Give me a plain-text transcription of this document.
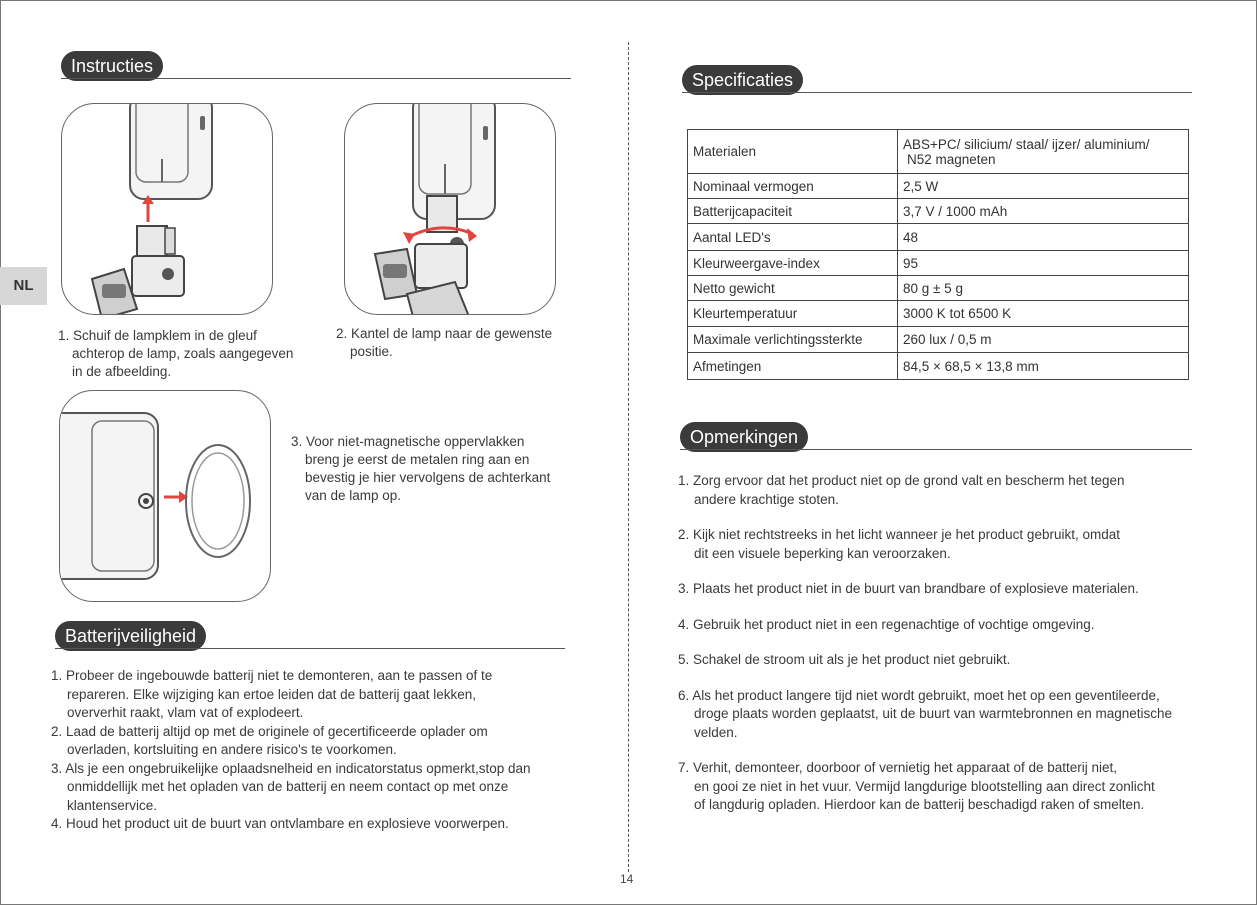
NL
Instructies
1. Schuif de lampklem in de gleuf
achterop de lamp, zoals aangegeven
in de afbeelding.
2. Kantel de lamp naar de gewenste
positie.
3. Voor niet-magnetische oppervlakken
breng je eerst de metalen ring aan en
bevestig je hier vervolgens de achterkant
van de lamp op.
Batterijveiligheid
1. Probeer de ingebouwde batterij niet te demonteren, aan te passen of te
repareren. Elke wijziging kan ertoe leiden dat de batterij gaat lekken,
oververhit raakt, vlam vat of explodeert.
2. Laad de batterij altijd op met de originele of gecertificeerde oplader om
overladen, kortsluiting en andere risico's te voorkomen.
3. Als je een ongebruikelijke oplaadsnelheid en indicatorstatus opmerkt,stop dan
onmiddellijk met het opladen van de batterij en neem contact op met onze
klantenservice.
4. Houd het product uit de buurt van ontvlambare en explosieve voorwerpen.
Specificaties
Materialen	ABS+PC/ silicium/ staal/ ijzer/ aluminium/
N52 magneten

Nominaal vermogen	2,5 W
Batterijcapaciteit	3,7 V / 1000 mAh
Aantal LED's	48
Kleurweergave-index	95
Netto gewicht	80 g ± 5 g
Kleurtemperatuur	3000 K tot 6500 K
Maximale verlichtingssterkte	260 lux / 0,5 m
Afmetingen	84,5 × 68,5 × 13,8 mm
Opmerkingen
1. Zorg ervoor dat het product niet op de grond valt en bescherm het tegen
andere krachtige stoten.
2. Kijk niet rechtstreeks in het licht wanneer je het product gebruikt, omdat
dit een visuele beperking kan veroorzaken.
3. Plaats het product niet in de buurt van brandbare of explosieve materialen.
4. Gebruik het product niet in een regenachtige of vochtige omgeving.
5. Schakel de stroom uit als je het product niet gebruikt.
6. Als het product langere tijd niet wordt gebruikt, moet het op een geventileerde,
droge plaats worden geplaatst, uit de buurt van warmtebronnen en magnetische
velden.
7. Verhit, demonteer, doorboor of vernietig het apparaat of de batterij niet,
en gooi ze niet in het vuur. Vermijd langdurige blootstelling aan direct zonlicht
of langdurig opladen. Hierdoor kan de batterij beschadigd raken of smelten.
14
